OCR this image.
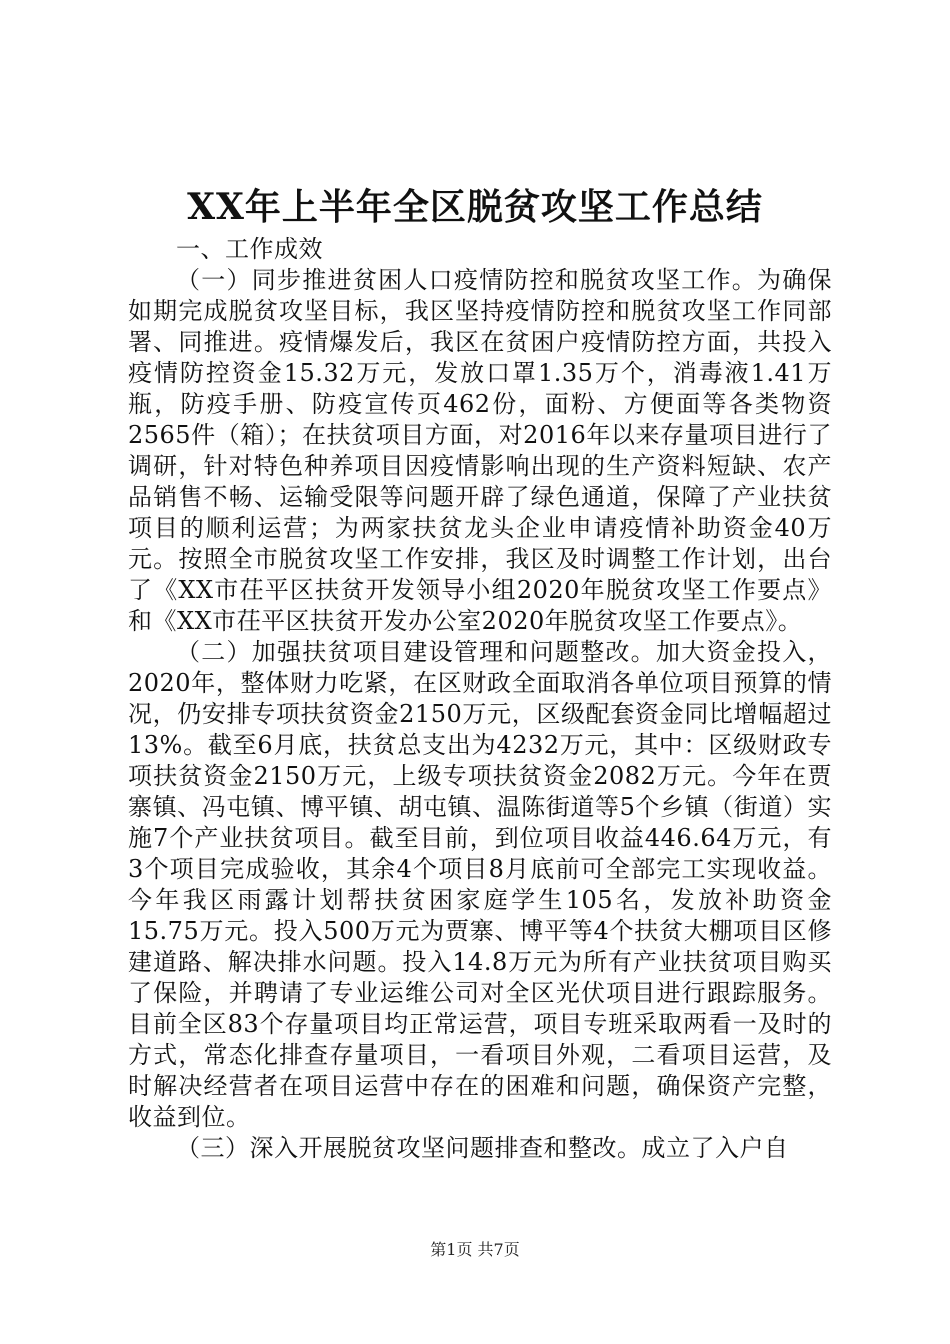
XX年上半年全区脱贫攻坚工作总结

一、工作成效

（一）同步推进贫困人口疫情防控和脱贫攻坚工作。为确保如期完成脱贫攻坚目标，我区坚持疫情防控和脱贫攻坚工作同部署、同推进。疫情爆发后，我区在贫困户疫情防控方面，共投入疫情防控资金15.32万元，发放口罩1.35万个，消毒液1.41万瓶，防疫手册、防疫宣传页462份，面粉、方便面等各类物资2565件（箱）；在扶贫项目方面，对2016年以来存量项目进行了调研，针对特色种养项目因疫情影响出现的生产资料短缺、农产品销售不畅、运输受限等问题开辟了绿色通道，保障了产业扶贫项目的顺利运营；为两家扶贫龙头企业申请疫情补助资金40万元。按照全市脱贫攻坚工作安排，我区及时调整工作计划，出台了《XX市茌平区扶贫开发领导小组2020年脱贫攻坚工作要点》和《XX市茌平区扶贫开发办公室2020年脱贫攻坚工作要点》。

（二）加强扶贫项目建设管理和问题整改。加大资金投入，2020年，整体财力吃紧，在区财政全面取消各单位项目预算的情况，仍安排专项扶贫资金2150万元，区级配套资金同比增幅超过13%。截至6月底，扶贫总支出为4232万元，其中：区级财政专项扶贫资金2150万元，上级专项扶贫资金2082万元。今年在贾寨镇、冯屯镇、博平镇、胡屯镇、温陈街道等5个乡镇（街道）实施7个产业扶贫项目。截至目前，到位项目收益446.64万元，有3个项目完成验收，其余4个项目8月底前可全部完工实现收益。今年我区雨露计划帮扶贫困家庭学生105名，发放补助资金15.75万元。投入500万元为贾寨、博平等4个扶贫大棚项目区修建道路、解决排水问题。投入14.8万元为所有产业扶贫项目购买了保险，并聘请了专业运维公司对全区光伏项目进行跟踪服务。目前全区83个存量项目均正常运营，项目专班采取两看一及时的方式，常态化排查存量项目，一看项目外观，二看项目运营，及时解决经营者在项目运营中存在的困难和问题，确保资产完整，收益到位。

（三）深入开展脱贫攻坚问题排查和整改。成立了入户自

第1页 共7页
